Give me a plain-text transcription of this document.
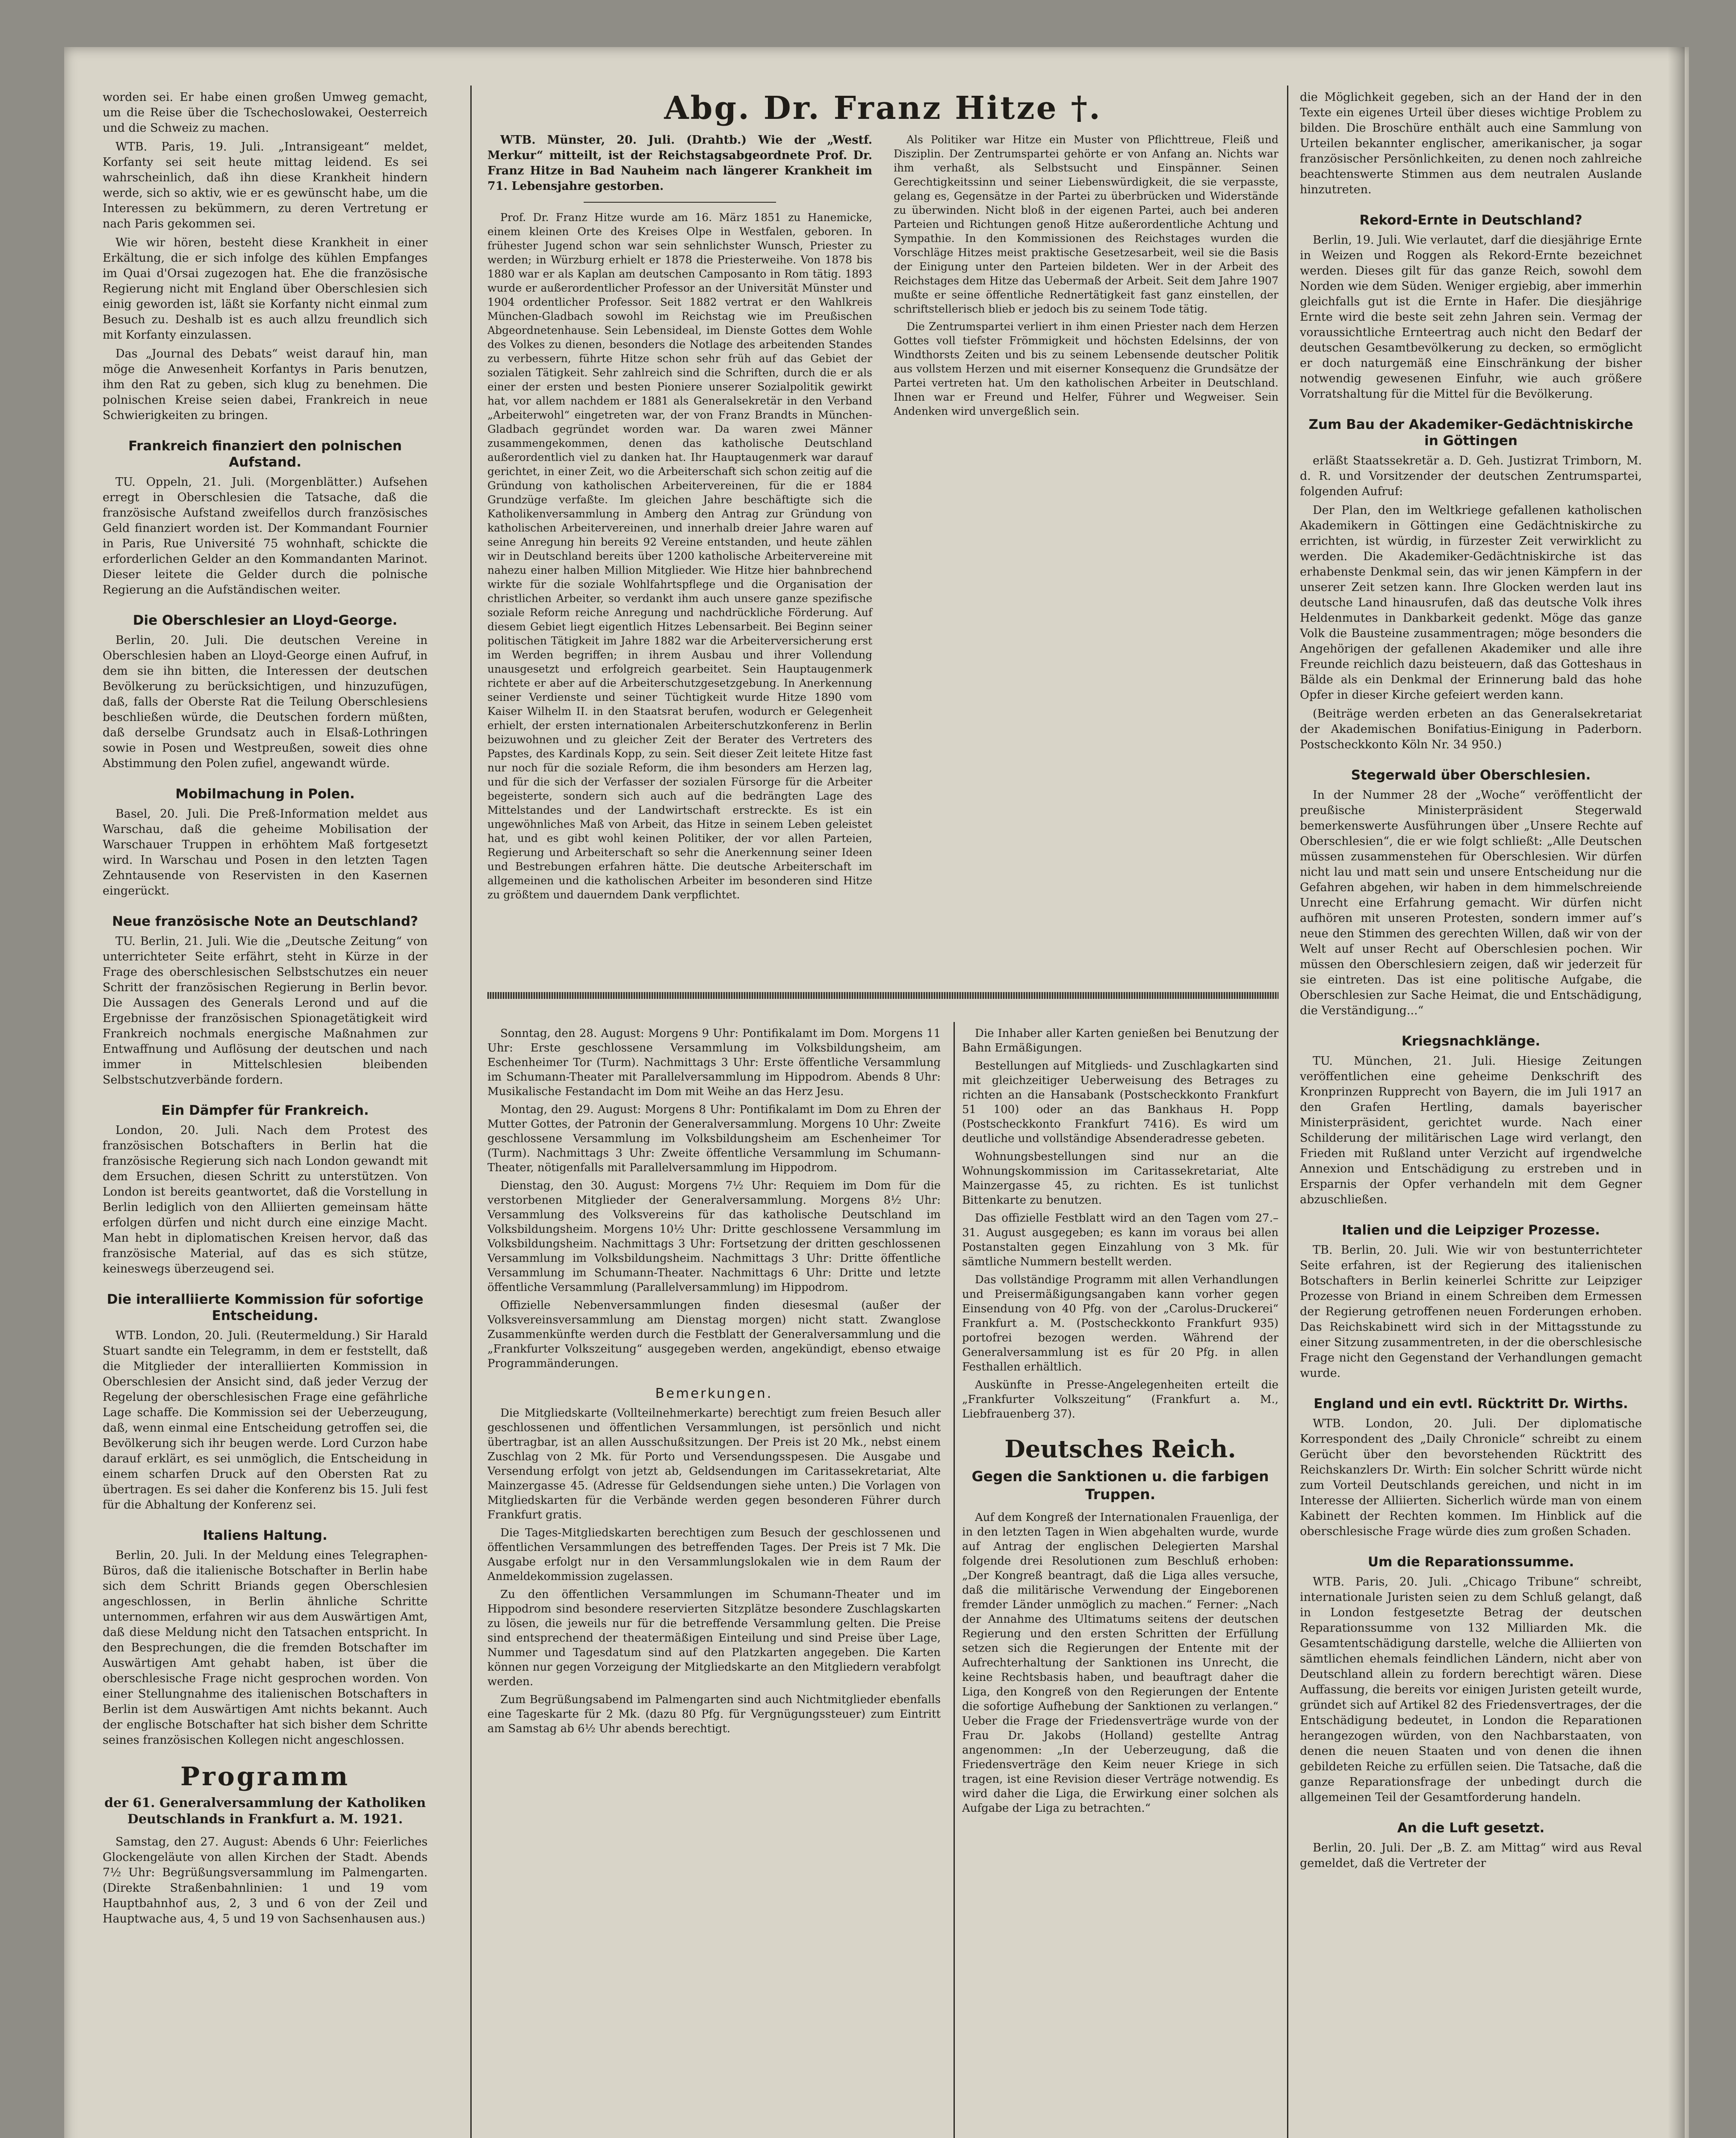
worden sei. Er habe einen großen Umweg gemacht, um die Reise über die Tschechoslowakei, Oesterreich und die Schweiz zu machen.

WTB. Paris, 19. Juli. „Intransigeant“ meldet, Korfanty sei seit heute mittag leidend. Es sei wahrscheinlich, daß ihn diese Krankheit hindern werde, sich so aktiv, wie er es gewünscht habe, um die Interessen zu bekümmern, zu deren Vertretung er nach Paris gekommen sei.

Wie wir hören, besteht diese Krankheit in einer Erkältung, die er sich infolge des kühlen Empfanges im Quai d'Orsai zugezogen hat. Ehe die französische Regierung nicht mit England über Oberschlesien sich einig geworden ist, läßt sie Korfanty nicht einmal zum Besuch zu. Deshalb ist es auch allzu freundlich sich mit Korfanty einzulassen.

Das „Journal des Debats“ weist darauf hin, man möge die Anwesenheit Korfantys in Paris benutzen, ihm den Rat zu geben, sich klug zu benehmen. Die polnischen Kreise seien dabei, Frankreich in neue Schwierigkeiten zu bringen.

Frankreich finanziert den polnischen Aufstand.

TU. Oppeln, 21. Juli. (Morgenblätter.) Aufsehen erregt in Oberschlesien die Tatsache, daß die französische Aufstand zweifellos durch französisches Geld finanziert worden ist. Der Kommandant Fournier in Paris, Rue Université 75 wohnhaft, schickte die erforderlichen Gelder an den Kommandanten Marinot. Dieser leitete die Gelder durch die polnische Regierung an die Aufständischen weiter.

Die Oberschlesier an Lloyd-George.

Berlin, 20. Juli. Die deutschen Vereine in Oberschlesien haben an Lloyd-George einen Aufruf, in dem sie ihn bitten, die Interessen der deutschen Bevölkerung zu berücksichtigen, und hinzuzufügen, daß, falls der Oberste Rat die Teilung Oberschlesiens beschließen würde, die Deutschen fordern müßten, daß derselbe Grundsatz auch in Elsaß-Lothringen sowie in Posen und Westpreußen, soweit dies ohne Abstimmung den Polen zufiel, angewandt würde.

Mobilmachung in Polen.

Basel, 20. Juli. Die Preß-Information meldet aus Warschau, daß die geheime Mobilisation der Warschauer Truppen in erhöhtem Maß fortgesetzt wird. In Warschau und Posen in den letzten Tagen Zehntausende von Reservisten in den Kasernen eingerückt.

Neue französische Note an Deutschland?

TU. Berlin, 21. Juli. Wie die „Deutsche Zeitung“ von unterrichteter Seite erfährt, steht in Kürze in der Frage des oberschlesischen Selbstschutzes ein neuer Schritt der französischen Regierung in Berlin bevor. Die Aussagen des Generals Lerond und auf die Ergebnisse der französischen Spionagetätigkeit wird Frankreich nochmals energische Maßnahmen zur Entwaffnung und Auflösung der deutschen und nach immer in Mittelschlesien bleibenden Selbstschutzverbände fordern.

Ein Dämpfer für Frankreich.

London, 20. Juli. Nach dem Protest des französischen Botschafters in Berlin hat die französische Regierung sich nach London gewandt mit dem Ersuchen, diesen Schritt zu unterstützen. Von London ist bereits geantwortet, daß die Vorstellung in Berlin lediglich von den Alliierten gemeinsam hätte erfolgen dürfen und nicht durch eine einzige Macht. Man hebt in diplomatischen Kreisen hervor, daß das französische Material, auf das es sich stütze, keineswegs überzeugend sei.

Die interalliierte Kommission für sofortige Entscheidung.

WTB. London, 20. Juli. (Reutermeldung.) Sir Harald Stuart sandte ein Telegramm, in dem er feststellt, daß die Mitglieder der interalliierten Kommission in Oberschlesien der Ansicht sind, daß jeder Verzug der Regelung der oberschlesischen Frage eine gefährliche Lage schaffe. Die Kommission sei der Ueberzeugung, daß, wenn einmal eine Entscheidung getroffen sei, die Bevölkerung sich ihr beugen werde. Lord Curzon habe darauf erklärt, es sei unmöglich, die Entscheidung in einem scharfen Druck auf den Obersten Rat zu übertragen. Es sei daher die Konferenz bis 15. Juli fest für die Abhaltung der Konferenz sei.

Italiens Haltung.

Berlin, 20. Juli. In der Meldung eines Telegraphen-Büros, daß die italienische Botschafter in Berlin habe sich dem Schritt Briands gegen Oberschlesien angeschlossen, in Berlin ähnliche Schritte unternommen, erfahren wir aus dem Auswärtigen Amt, daß diese Meldung nicht den Tatsachen entspricht. In den Besprechungen, die die fremden Botschafter im Auswärtigen Amt gehabt haben, ist über die oberschlesische Frage nicht gesprochen worden. Von einer Stellungnahme des italienischen Botschafters in Berlin ist dem Auswärtigen Amt nichts bekannt. Auch der englische Botschafter hat sich bisher dem Schritte seines französischen Kollegen nicht angeschlossen.

Programm
der 61. Generalversammlung der Katholiken Deutschlands in Frankfurt a. M. 1921.

Samstag, den 27. August: Abends 6 Uhr: Feierliches Glockengeläute von allen Kirchen der Stadt. Abends 7½ Uhr: Begrüßungsversammlung im Palmengarten. (Direkte Straßenbahnlinien: 1 und 19 vom Hauptbahnhof aus, 2, 3 und 6 von der Zeil und Hauptwache aus, 4, 5 und 19 von Sachsenhausen aus.)

Abg. Dr. Franz Hitze †.

WTB. Münster, 20. Juli. (Drahtb.) Wie der „Westf. Merkur“ mitteilt, ist der Reichstagsabgeordnete Prof. Dr. Franz Hitze in Bad Nauheim nach längerer Krankheit im 71. Lebensjahre gestorben.

Prof. Dr. Franz Hitze wurde am 16. März 1851 zu Hanemicke, einem kleinen Orte des Kreises Olpe in Westfalen, geboren. In frühester Jugend schon war sein sehnlichster Wunsch, Priester zu werden; in Würzburg erhielt er 1878 die Priesterweihe. Von 1878 bis 1880 war er als Kaplan am deutschen Camposanto in Rom tätig. 1893 wurde er außerordentlicher Professor an der Universität Münster und 1904 ordentlicher Professor. Seit 1882 vertrat er den Wahlkreis München-Gladbach sowohl im Reichstag wie im Preußischen Abgeordnetenhause. Sein Lebensideal, im Dienste Gottes dem Wohle des Volkes zu dienen, besonders die Notlage des arbeitenden Standes zu verbessern, führte Hitze schon sehr früh auf das Gebiet der sozialen Tätigkeit. Sehr zahlreich sind die Schriften, durch die er als einer der ersten und besten Pioniere unserer Sozialpolitik gewirkt hat, vor allem nachdem er 1881 als Generalsekretär in den Verband „Arbeiterwohl“ eingetreten war, der von Franz Brandts in München-Gladbach gegründet worden war. Da waren zwei Männer zusammengekommen, denen das katholische Deutschland außerordentlich viel zu danken hat. Ihr Hauptaugenmerk war darauf gerichtet, in einer Zeit, wo die Arbeiterschaft sich schon zeitig auf die Gründung von katholischen Arbeitervereinen, für die er 1884 Grundzüge verfaßte. Im gleichen Jahre beschäftigte sich die Katholikenversammlung in Amberg den Antrag zur Gründung von katholischen Arbeitervereinen, und innerhalb dreier Jahre waren auf seine Anregung hin bereits 92 Vereine entstanden, und heute zählen wir in Deutschland bereits über 1200 katholische Arbeitervereine mit nahezu einer halben Million Mitglieder. Wie Hitze hier bahnbrechend wirkte für die soziale Wohlfahrtspflege und die Organisation der christlichen Arbeiter, so verdankt ihm auch unsere ganze spezifische soziale Reform reiche Anregung und nachdrückliche Förderung. Auf diesem Gebiet liegt eigentlich Hitzes Lebensarbeit. Bei Beginn seiner politischen Tätigkeit im Jahre 1882 war die Arbeiterversicherung erst im Werden begriffen; in ihrem Ausbau und ihrer Vollendung unausgesetzt und erfolgreich gearbeitet. Sein Hauptaugenmerk richtete er aber auf die Arbeiterschutzgesetzgebung. In Anerkennung seiner Verdienste und seiner Tüchtigkeit wurde Hitze 1890 vom Kaiser Wilhelm II. in den Staatsrat berufen, wodurch er Gelegenheit erhielt, der ersten internationalen Arbeiterschutzkonferenz in Berlin beizuwohnen und zu gleicher Zeit der Berater des Vertreters des Papstes, des Kardinals Kopp, zu sein. Seit dieser Zeit leitete Hitze fast nur noch für die soziale Reform, die ihm besonders am Herzen lag, und für die sich der Verfasser der sozialen Fürsorge für die Arbeiter begeisterte, sondern sich auch auf die bedrängten Lage des Mittelstandes und der Landwirtschaft erstreckte. Es ist ein ungewöhnliches Maß von Arbeit, das Hitze in seinem Leben geleistet hat, und es gibt wohl keinen Politiker, der vor allen Parteien, Regierung und Arbeiterschaft so sehr die Anerkennung seiner Ideen und Bestrebungen erfahren hätte. Die deutsche Arbeiterschaft im allgemeinen und die katholischen Arbeiter im besonderen sind Hitze zu größtem und dauerndem Dank verpflichtet.

Als Politiker war Hitze ein Muster von Pflichttreue, Fleiß und Disziplin. Der Zentrumspartei gehörte er von Anfang an. Nichts war ihm verhaßt, als Selbstsucht und Einspänner. Seinen Gerechtigkeitssinn und seiner Liebenswürdigkeit, die sie verpasste, gelang es, Gegensätze in der Partei zu überbrücken und Widerstände zu überwinden. Nicht bloß in der eigenen Partei, auch bei anderen Parteien und Richtungen genoß Hitze außerordentliche Achtung und Sympathie. In den Kommissionen des Reichstages wurden die Vorschläge Hitzes meist praktische Gesetzesarbeit, weil sie die Basis der Einigung unter den Parteien bildeten. Wer in der Arbeit des Reichstages dem Hitze das Uebermaß der Arbeit. Seit dem Jahre 1907 mußte er seine öffentliche Rednertätigkeit fast ganz einstellen, der schriftstellerisch blieb er jedoch bis zu seinem Tode tätig.

Die Zentrumspartei verliert in ihm einen Priester nach dem Herzen Gottes voll tiefster Frömmigkeit und höchsten Edelsinns, der von Windthorsts Zeiten und bis zu seinem Lebensende deutscher Politik aus vollstem Herzen und mit eiserner Konsequenz die Grundsätze der Partei vertreten hat. Um den katholischen Arbeiter in Deutschland. Ihnen war er Freund und Helfer, Führer und Wegweiser. Sein Andenken wird unvergeßlich sein.

Sonntag, den 28. August: Morgens 9 Uhr: Pontifikalamt im Dom. Morgens 11 Uhr: Erste geschlossene Versammlung im Volksbildungsheim, am Eschenheimer Tor (Turm). Nachmittags 3 Uhr: Erste öffentliche Versammlung im Schumann-Theater mit Parallelversammlung im Hippodrom. Abends 8 Uhr: Musikalische Festandacht im Dom mit Weihe an das Herz Jesu.

Montag, den 29. August: Morgens 8 Uhr: Pontifikalamt im Dom zu Ehren der Mutter Gottes, der Patronin der Generalversammlung. Morgens 10 Uhr: Zweite geschlossene Versammlung im Volksbildungsheim am Eschenheimer Tor (Turm). Nachmittags 3 Uhr: Zweite öffentliche Versammlung im Schumann-Theater, nötigenfalls mit Parallelversammlung im Hippodrom.

Dienstag, den 30. August: Morgens 7½ Uhr: Requiem im Dom für die verstorbenen Mitglieder der Generalversammlung. Morgens 8½ Uhr: Versammlung des Volksvereins für das katholische Deutschland im Volksbildungsheim. Morgens 10½ Uhr: Dritte geschlossene Versammlung im Volksbildungsheim. Nachmittags 3 Uhr: Fortsetzung der dritten geschlossenen Versammlung im Volksbildungsheim. Nachmittags 3 Uhr: Dritte öffentliche Versammlung im Schumann-Theater. Nachmittags 6 Uhr: Dritte und letzte öffentliche Versammlung (Parallelversammlung) im Hippodrom.

Offizielle Nebenversammlungen finden diesesmal (außer der Volksvereinsversammlung am Dienstag morgen) nicht statt. Zwanglose Zusammenkünfte werden durch die Festblatt der Generalversammlung und die „Frankfurter Volkszeitung“ ausgegeben werden, angekündigt, ebenso etwaige Programmänderungen.

Bemerkungen.

Die Mitgliedskarte (Vollteilnehmerkarte) berechtigt zum freien Besuch aller geschlossenen und öffentlichen Versammlungen, ist persönlich und nicht übertragbar, ist an allen Ausschußsitzungen. Der Preis ist 20 Mk., nebst einem Zuschlag von 2 Mk. für Porto und Versendungsspesen. Die Ausgabe und Versendung erfolgt von jetzt ab, Geldsendungen im Caritassekretariat, Alte Mainzergasse 45. (Adresse für Geldsendungen siehe unten.) Die Vorlagen von Mitgliedskarten für die Verbände werden gegen besonderen Führer durch Frankfurt gratis.

Die Tages-Mitgliedskarten berechtigen zum Besuch der geschlossenen und öffentlichen Versammlungen des betreffenden Tages. Der Preis ist 7 Mk. Die Ausgabe erfolgt nur in den Versammlungslokalen wie in dem Raum der Anmeldekommission zugelassen.

Zu den öffentlichen Versammlungen im Schumann-Theater und im Hippodrom sind besondere reservierten Sitzplätze besondere Zuschlagskarten zu lösen, die jeweils nur für die betreffende Versammlung gelten. Die Preise sind entsprechend der theatermäßigen Einteilung und sind Preise über Lage, Nummer und Tagesdatum sind auf den Platzkarten angegeben. Die Karten können nur gegen Vorzeigung der Mitgliedskarte an den Mitgliedern verabfolgt werden.

Zum Begrüßungsabend im Palmengarten sind auch Nichtmitglieder ebenfalls eine Tageskarte für 2 Mk. (dazu 80 Pfg. für Vergnügungssteuer) zum Eintritt am Samstag ab 6½ Uhr abends berechtigt.

Die Inhaber aller Karten genießen bei Benutzung der Bahn Ermäßigungen.

Bestellungen auf Mitglieds- und Zuschlagkarten sind mit gleichzeitiger Ueberweisung des Betrages zu richten an die Hansabank (Postscheckkonto Frankfurt 51 100) oder an das Bankhaus H. Popp (Postscheckkonto Frankfurt 7416). Es wird um deutliche und vollständige Absenderadresse gebeten.

Wohnungsbestellungen sind nur an die Wohnungskommission im Caritassekretariat, Alte Mainzergasse 45, zu richten. Es ist tunlichst Bittenkarte zu benutzen.

Das offizielle Festblatt wird an den Tagen vom 27.–31. August ausgegeben; es kann im voraus bei allen Postanstalten gegen Einzahlung von 3 Mk. für sämtliche Nummern bestellt werden.

Das vollständige Programm mit allen Verhandlungen und Preisermäßigungsangaben kann vorher gegen Einsendung von 40 Pfg. von der „Carolus-Druckerei“ Frankfurt a. M. (Postscheckkonto Frankfurt 935) portofrei bezogen werden. Während der Generalversammlung ist es für 20 Pfg. in allen Festhallen erhältlich.

Auskünfte in Presse-Angelegenheiten erteilt die „Frankfurter Volkszeitung“ (Frankfurt a. M., Liebfrauenberg 37).

Deutsches Reich.
Gegen die Sanktionen u. die farbigen Truppen.

Auf dem Kongreß der Internationalen Frauenliga, der in den letzten Tagen in Wien abgehalten wurde, wurde auf Antrag der englischen Delegierten Marshal folgende drei Resolutionen zum Beschluß erhoben: „Der Kongreß beantragt, daß die Liga alles versuche, daß die militärische Verwendung der Eingeborenen fremder Länder unmöglich zu machen.“ Ferner: „Nach der Annahme des Ultimatums seitens der deutschen Regierung und den ersten Schritten der Erfüllung setzen sich die Regierungen der Entente mit der Aufrechterhaltung der Sanktionen ins Unrecht, die keine Rechtsbasis haben, und beauftragt daher die Liga, den Kongreß von den Regierungen der Entente die sofortige Aufhebung der Sanktionen zu verlangen.“ Ueber die Frage der Friedensverträge wurde von der Frau Dr. Jakobs (Holland) gestellte Antrag angenommen: „In der Ueberzeugung, daß die Friedensverträge den Keim neuer Kriege in sich tragen, ist eine Revision dieser Verträge notwendig. Es wird daher die Liga, die Erwirkung einer solchen als Aufgabe der Liga zu betrachten.“

die Möglichkeit gegeben, sich an der Hand der in den Texte ein eigenes Urteil über dieses wichtige Problem zu bilden. Die Broschüre enthält auch eine Sammlung von Urteilen bekannter englischer, amerikanischer, ja sogar französischer Persönlichkeiten, zu denen noch zahlreiche beachtenswerte Stimmen aus dem neutralen Auslande hinzutreten.

Rekord-Ernte in Deutschland?

Berlin, 19. Juli. Wie verlautet, darf die diesjährige Ernte in Weizen und Roggen als Rekord-Ernte bezeichnet werden. Dieses gilt für das ganze Reich, sowohl dem Norden wie dem Süden. Weniger ergiebig, aber immerhin gleichfalls gut ist die Ernte in Hafer. Die diesjährige Ernte wird die beste seit zehn Jahren sein. Vermag der voraussichtliche Ernteertrag auch nicht den Bedarf der deutschen Gesamtbevölkerung zu decken, so ermöglicht er doch naturgemäß eine Einschränkung der bisher notwendig gewesenen Einfuhr, wie auch größere Vorratshaltung für die Mittel für die Bevölkerung.

Zum Bau der Akademiker-Gedächtniskirche in Göttingen

erläßt Staatssekretär a. D. Geh. Justizrat Trimborn, M. d. R. und Vorsitzender der deutschen Zentrumspartei, folgenden Aufruf:

Der Plan, den im Weltkriege gefallenen katholischen Akademikern in Göttingen eine Gedächtniskirche zu errichten, ist würdig, in fürzester Zeit verwirklicht zu werden. Die Akademiker-Gedächtniskirche ist das erhabenste Denkmal sein, das wir jenen Kämpfern in der unserer Zeit setzen kann. Ihre Glocken werden laut ins deutsche Land hinausrufen, daß das deutsche Volk ihres Heldenmutes in Dankbarkeit gedenkt. Möge das ganze Volk die Bausteine zusammentragen; möge besonders die Angehörigen der gefallenen Akademiker und alle ihre Freunde reichlich dazu beisteuern, daß das Gotteshaus in Bälde als ein Denkmal der Erinnerung bald das hohe Opfer in dieser Kirche gefeiert werden kann.

(Beiträge werden erbeten an das Generalsekretariat der Akademischen Bonifatius-Einigung in Paderborn. Postscheckkonto Köln Nr. 34 950.)

Stegerwald über Oberschlesien.

In der Nummer 28 der „Woche“ veröffentlicht der preußische Ministerpräsident Stegerwald bemerkenswerte Ausführungen über „Unsere Rechte auf Oberschlesien“, die er wie folgt schließt: „Alle Deutschen müssen zusammenstehen für Oberschlesien. Wir dürfen nicht lau und matt sein und unsere Entscheidung nur die Gefahren abgehen, wir haben in dem himmelschreiende Unrecht eine Erfahrung gemacht. Wir dürfen nicht aufhören mit unseren Protesten, sondern immer auf’s neue den Stimmen des gerechten Willen, daß wir von der Welt auf unser Recht auf Oberschlesien pochen. Wir müssen den Oberschlesiern zeigen, daß wir jederzeit für sie eintreten. Das ist eine politische Aufgabe, die Oberschlesien zur Sache Heimat, die und Entschädigung, die Verständigung...“

Kriegsnachklänge.

TU. München, 21. Juli. Hiesige Zeitungen veröffentlichen eine geheime Denkschrift des Kronprinzen Rupprecht von Bayern, die im Juli 1917 an den Grafen Hertling, damals bayerischer Ministerpräsident, gerichtet wurde. Nach einer Schilderung der militärischen Lage wird verlangt, den Frieden mit Rußland unter Verzicht auf irgendwelche Annexion und Entschädigung zu erstreben und in Ersparnis der Opfer verhandeln mit dem Gegner abzuschließen.

Italien und die Leipziger Prozesse.

TB. Berlin, 20. Juli. Wie wir von bestunterrichteter Seite erfahren, ist der Regierung des italienischen Botschafters in Berlin keinerlei Schritte zur Leipziger Prozesse von Briand in einem Schreiben dem Ermessen der Regierung getroffenen neuen Forderungen erhoben. Das Reichskabinett wird sich in der Mittagsstunde zu einer Sitzung zusammentreten, in der die oberschlesische Frage nicht den Gegenstand der Verhandlungen gemacht wurde.

England und ein evtl. Rücktritt Dr. Wirths.

WTB. London, 20. Juli. Der diplomatische Korrespondent des „Daily Chronicle“ schreibt zu einem Gerücht über den bevorstehenden Rücktritt des Reichskanzlers Dr. Wirth: Ein solcher Schritt würde nicht zum Vorteil Deutschlands gereichen, und nicht in im Interesse der Alliierten. Sicherlich würde man von einem Kabinett der Rechten kommen. Im Hinblick auf die oberschlesische Frage würde dies zum großen Schaden.

Um die Reparationssumme.

WTB. Paris, 20. Juli. „Chicago Tribune“ schreibt, internationale Juristen seien zu dem Schluß gelangt, daß in London festgesetzte Betrag der deutschen Reparationssumme von 132 Milliarden Mk. die Gesamtentschädigung darstelle, welche die Alliierten von sämtlichen ehemals feindlichen Ländern, nicht aber von Deutschland allein zu fordern berechtigt wären. Diese Auffassung, die bereits vor einigen Juristen geteilt wurde, gründet sich auf Artikel 82 des Friedensvertrages, der die Entschädigung bedeutet, in London die Reparationen herangezogen würden, von den Nachbarstaaten, von denen die neuen Staaten und von denen die ihnen gebildeten Reiche zu erfüllen seien. Die Tatsache, daß die ganze Reparationsfrage der unbedingt durch die allgemeinen Teil der Gesamtforderung handeln.

An die Luft gesetzt.

Berlin, 20. Juli. Der „B. Z. am Mittag“ wird aus Reval gemeldet, daß die Vertreter der
